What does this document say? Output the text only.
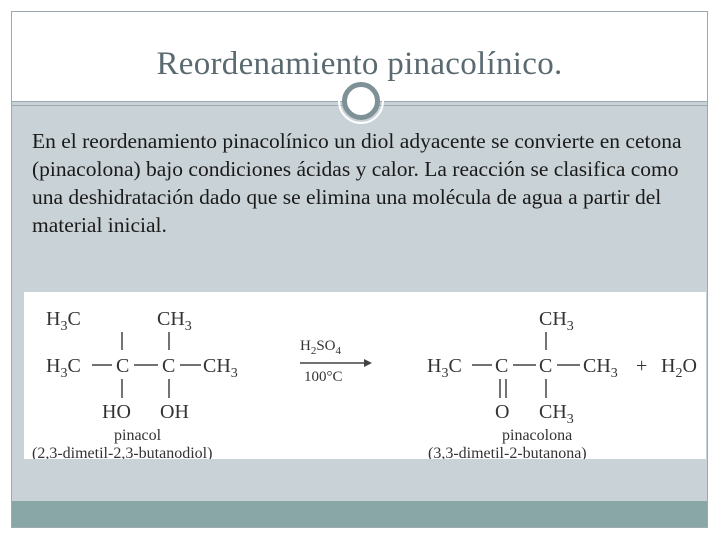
Reordenamiento pinacolínico.
En el reordenamiento pinacolínico un diol adyacente se convierte en cetona (pinacolona) bajo condiciones ácidas y calor. La reacción se clasifica como una deshidratación dado que se elimina una molécula de agua a partir del material inicial.
$H_3C$	$CH_3$
$H_3C$ C C $CH_3$
HO OH
pinacol
(2,3-dimetil-2,3-butanodiol)
$H_2SO_4$
100°C
$CH_3$
$H_3C$ C C $CH_3$
O $CH_3$
pinacolona
(3,3-dimetil-2-butanona)
+ $H_2O$
